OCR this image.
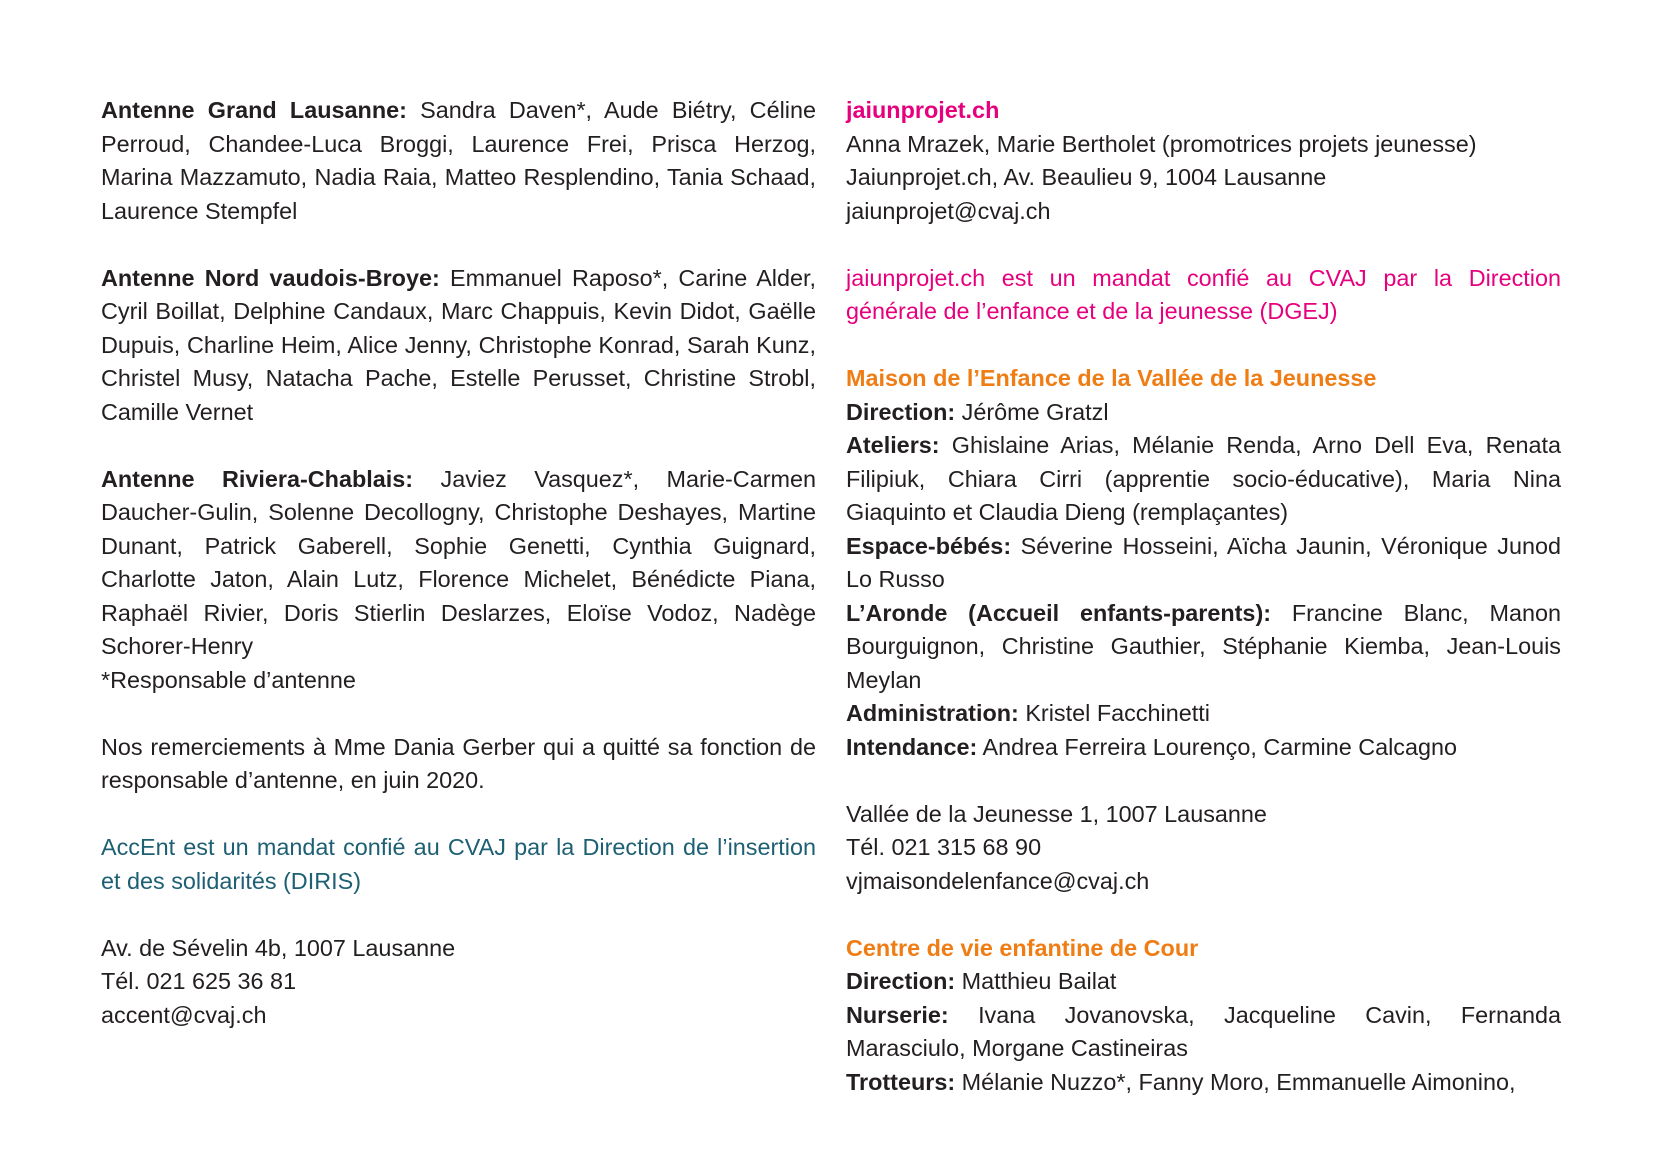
Antenne Grand Lausanne: Sandra Daven*, Aude Biétry, Céline Perroud, Chandee-Luca Broggi, Laurence Frei, Prisca Herzog, Marina Mazzamuto, Nadia Raia, Matteo Resplendino, Tania Schaad, Laurence Stempfel

Antenne Nord vaudois-Broye: Emmanuel Raposo*, Carine Alder, Cyril Boillat, Delphine Candaux, Marc Chappuis, Kevin Didot, Gaëlle Dupuis, Charline Heim, Alice Jenny, Christophe Konrad, Sarah Kunz, Christel Musy, Natacha Pache, Estelle Perusset, Christine Strobl, Camille Vernet

Antenne Riviera-Chablais: Javiez Vasquez*, Marie-Carmen Daucher-Gulin, Solenne Decollogny, Christophe Deshayes, Martine Dunant, Patrick Gaberell, Sophie Genetti, Cynthia Guignard, Charlotte Jaton, Alain Lutz, Florence Michelet, Bénédicte Piana, Raphaël Rivier, Doris Stierlin Deslarzes, Eloïse Vodoz, Nadège Schorer-Henry

*Responsable d’antenne

Nos remerciements à Mme Dania Gerber qui a quitté sa fonction de responsable d’antenne, en juin 2020.

AccEnt est un mandat confié au CVAJ par la Direction de l’insertion et des solidarités (DIRIS)

Av. de Sévelin 4b, 1007 Lausanne
Tél. 021 625 36 81
accent@cvaj.ch
jaiunprojet.ch
Anna Mrazek, Marie Bertholet (promotrices projets jeunesse)
Jaiunprojet.ch, Av. Beaulieu 9, 1004 Lausanne
jaiunprojet@cvaj.ch

jaiunprojet.ch est un mandat confié au CVAJ par la Direction générale de l’enfance et de la jeunesse (DGEJ)

Maison de l’Enfance de la Vallée de la Jeunesse

Direction: Jérôme Gratzl

Ateliers: Ghislaine Arias, Mélanie Renda, Arno Dell Eva, Renata Filipiuk, Chiara Cirri (apprentie socio-éducative), Maria Nina Giaquinto et Claudia Dieng (remplaçantes)

Espace-bébés: Séverine Hosseini, Aïcha Jaunin, Véronique Junod Lo Russo

L’Aronde (Accueil enfants-parents): Francine Blanc, Manon Bourguignon, Christine Gauthier, Stéphanie Kiemba, Jean-Louis Meylan

Administration: Kristel Facchinetti

Intendance: Andrea Ferreira Lourenço, Carmine Calcagno

Vallée de la Jeunesse 1, 1007 Lausanne
Tél. 021 315 68 90
vjmaisondelenfance@cvaj.ch
Centre de vie enfantine de Cour

Direction: Matthieu Bailat

Nurserie: Ivana Jovanovska, Jacqueline Cavin, Fernanda Marasciulo, Morgane Castineiras

Trotteurs: Mélanie Nuzzo*, Fanny Moro, Emmanuelle Aimonino,
